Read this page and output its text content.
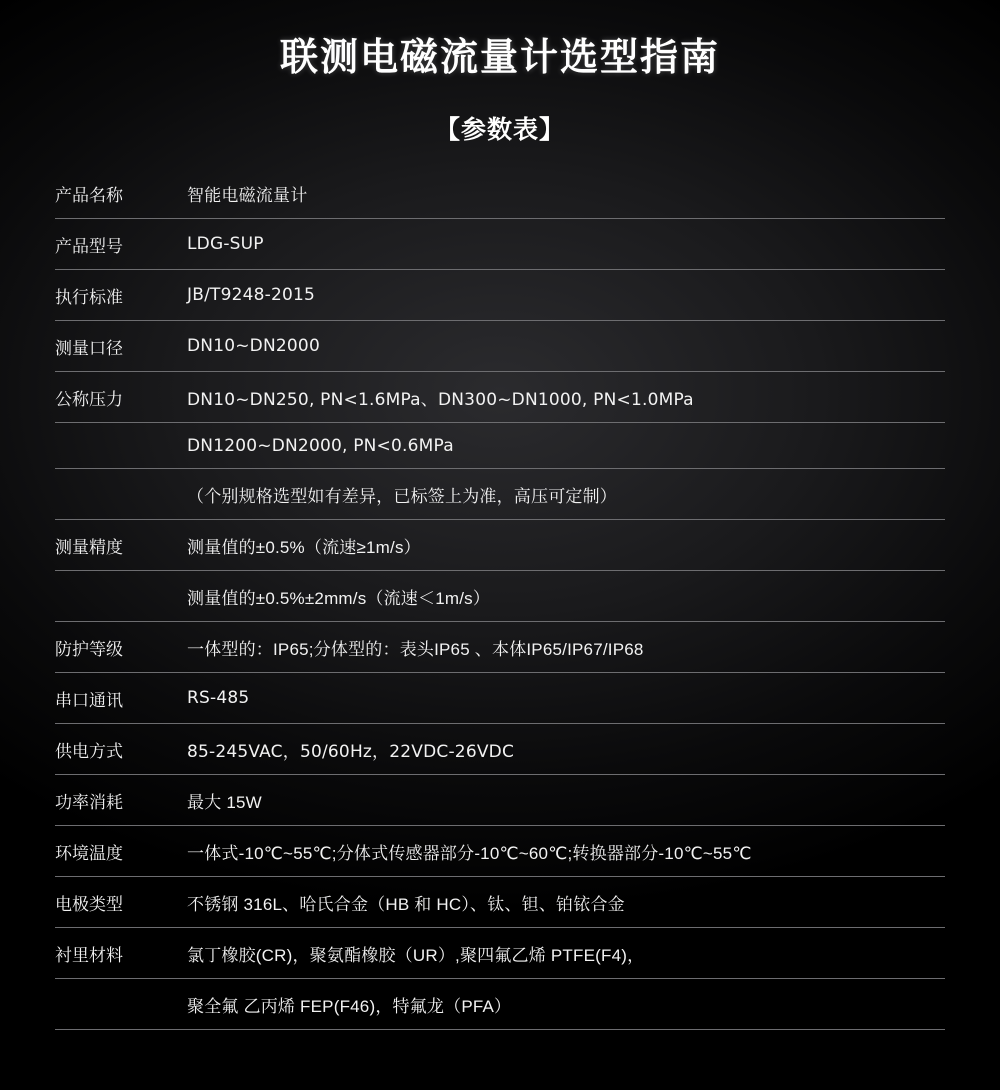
联测电磁流量计选型指南
【参数表】
产品名称	智能电磁流量计
产品型号	LDG-SUP
执行标准	JB/T9248-2015
测量口径	DN10~DN2000
公称压力	DN10~DN250, PN<1.6MPa、DN300~DN1000, PN<1.0MPa
	DN1200~DN2000, PN<0.6MPa
	（个别规格选型如有差异，已标签上为准，高压可定制）
测量精度	测量值的±0.5%（流速≥1m/s）
	测量值的±0.5%±2mm/s（流速＜1m/s）
防护等级	一体型的：IP65;分体型的：表头IP65 、本体IP65/IP67/IP68
串口通讯	RS-485
供电方式	85-245VAC，50/60Hz，22VDC-26VDC
功率消耗	最大 15W
环境温度	一体式-10℃~55℃;分体式传感器部分-10℃~60℃;转换器部分-10℃~55℃
电极类型	不锈钢 316L、哈氏合金（HB 和 HC）、钛、钽、铂铱合金
衬里材料	氯丁橡胶(CR)，聚氨酯橡胶（UR）,聚四氟乙烯 PTFE(F4)，
	聚全氟 乙丙烯 FEP(F46)，特氟龙（PFA）
